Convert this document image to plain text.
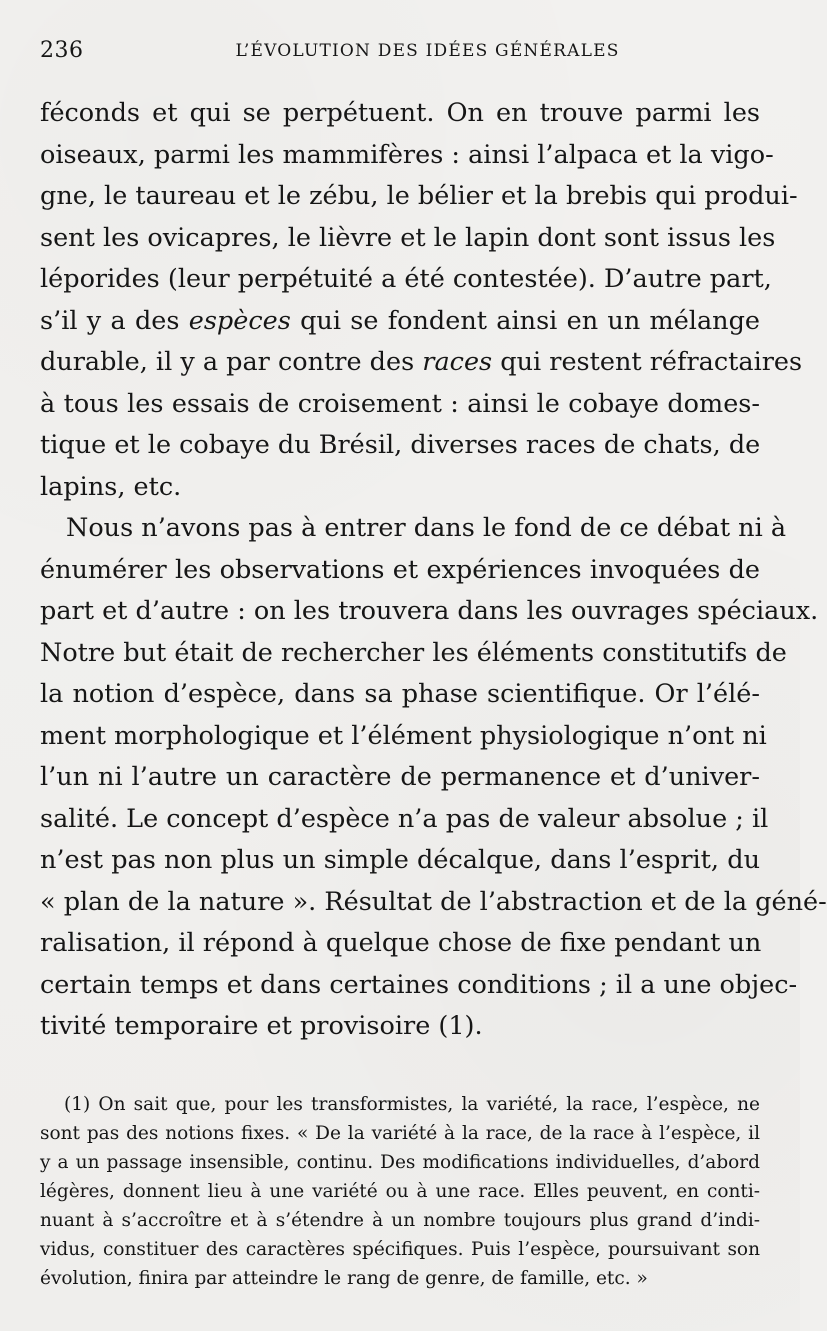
236	L’ÉVOLUTION DES IDÉES GÉNÉRALES
féconds et qui se perpétuent. On en trouve parmi les
oiseaux, parmi les mammifères : ainsi l’alpaca et la vigo-
gne, le taureau et le zébu, le bélier et la brebis qui produi-
sent les ovicapres, le lièvre et le lapin dont sont issus les
léporides (leur perpétuité a été contestée). D’autre part,
s’il y a des espèces qui se fondent ainsi en un mélange
durable, il y a par contre des races qui restent réfractaires
à tous les essais de croisement : ainsi le cobaye domes-
tique et le cobaye du Brésil, diverses races de chats, de
lapins, etc.
Nous n’avons pas à entrer dans le fond de ce débat ni à
énumérer les observations et expériences invoquées de
part et d’autre : on les trouvera dans les ouvrages spéciaux.
Notre but était de rechercher les éléments constitutifs de
la notion d’espèce, dans sa phase scientifique. Or l’élé-
ment morphologique et l’élément physiologique n’ont ni
l’un ni l’autre un caractère de permanence et d’univer-
salité. Le concept d’espèce n’a pas de valeur absolue ; il
n’est pas non plus un simple décalque, dans l’esprit, du
« plan de la nature ». Résultat de l’abstraction et de la géné-
ralisation, il répond à quelque chose de fixe pendant un
certain temps et dans certaines conditions ; il a une objec-
tivité temporaire et provisoire (1).
(1) On sait que, pour les transformistes, la variété, la race, l’espèce, ne
sont pas des notions fixes. « De la variété à la race, de la race à l’espèce, il
y a un passage insensible, continu. Des modifications individuelles, d’abord
légères, donnent lieu à une variété ou à une race. Elles peuvent, en conti-
nuant à s’accroître et à s’étendre à un nombre toujours plus grand d’indi-
vidus, constituer des caractères spécifiques. Puis l’espèce, poursuivant son
évolution, finira par atteindre le rang de genre, de famille, etc. »
